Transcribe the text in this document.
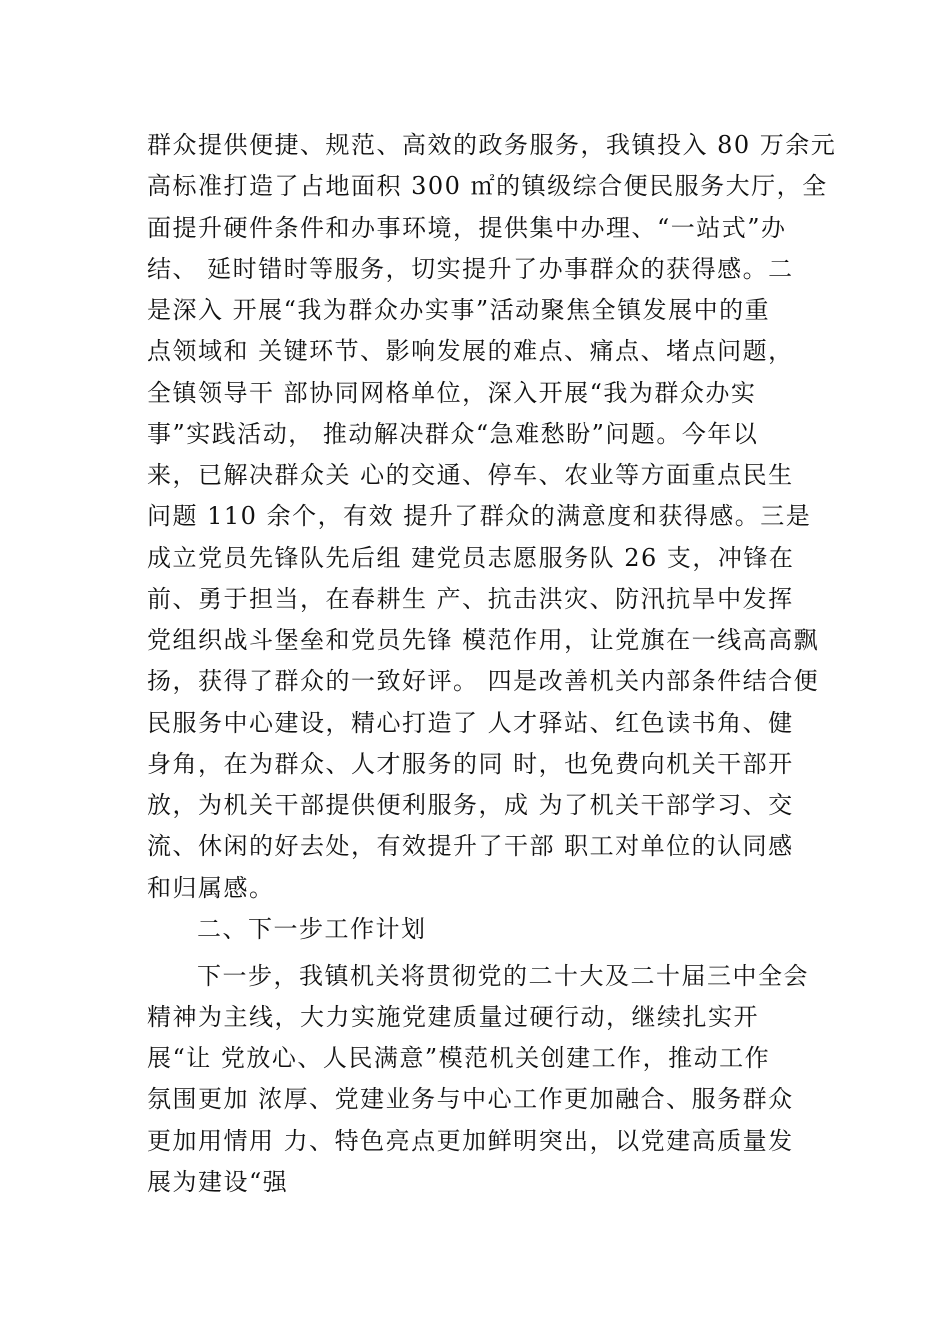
群众提供便捷、规范、高效的政务服务，我镇投入 80 万余元
高标准打造了占地面积 300 ㎡的镇级综合便民服务大厅，全
面提升硬件条件和办事环境，提供集中办理、“一站式”办
结、 延时错时等服务，切实提升了办事群众的获得感。二
是深入 开展“我为群众办实事”活动聚焦全镇发展中的重
点领域和 关键环节、影响发展的难点、痛点、堵点问题，
全镇领导干 部协同网格单位，深入开展“我为群众办实
事”实践活动， 推动解决群众“急难愁盼”问题。今年以
来，已解决群众关 心的交通、停车、农业等方面重点民生
问题 110 余个，有效 提升了群众的满意度和获得感。三是
成立党员先锋队先后组 建党员志愿服务队 26 支，冲锋在
前、勇于担当，在春耕生 产、抗击洪灾、防汛抗旱中发挥
党组织战斗堡垒和党员先锋 模范作用，让党旗在一线高高飘
扬，获得了群众的一致好评。 四是改善机关内部条件结合便
民服务中心建设，精心打造了 人才驿站、红色读书角、健
身角，在为群众、人才服务的同 时，也免费向机关干部开
放，为机关干部提供便利服务，成 为了机关干部学习、交
流、休闲的好去处，有效提升了干部 职工对单位的认同感
和归属感。
二、下一步工作计划
下一步，我镇机关将贯彻党的二十大及二十届三中全会
精神为主线，大力实施党建质量过硬行动，继续扎实开
展“让 党放心、人民满意”模范机关创建工作，推动工作
氛围更加 浓厚、党建业务与中心工作更加融合、服务群众
更加用情用 力、特色亮点更加鲜明突出，以党建高质量发
展为建设“强
